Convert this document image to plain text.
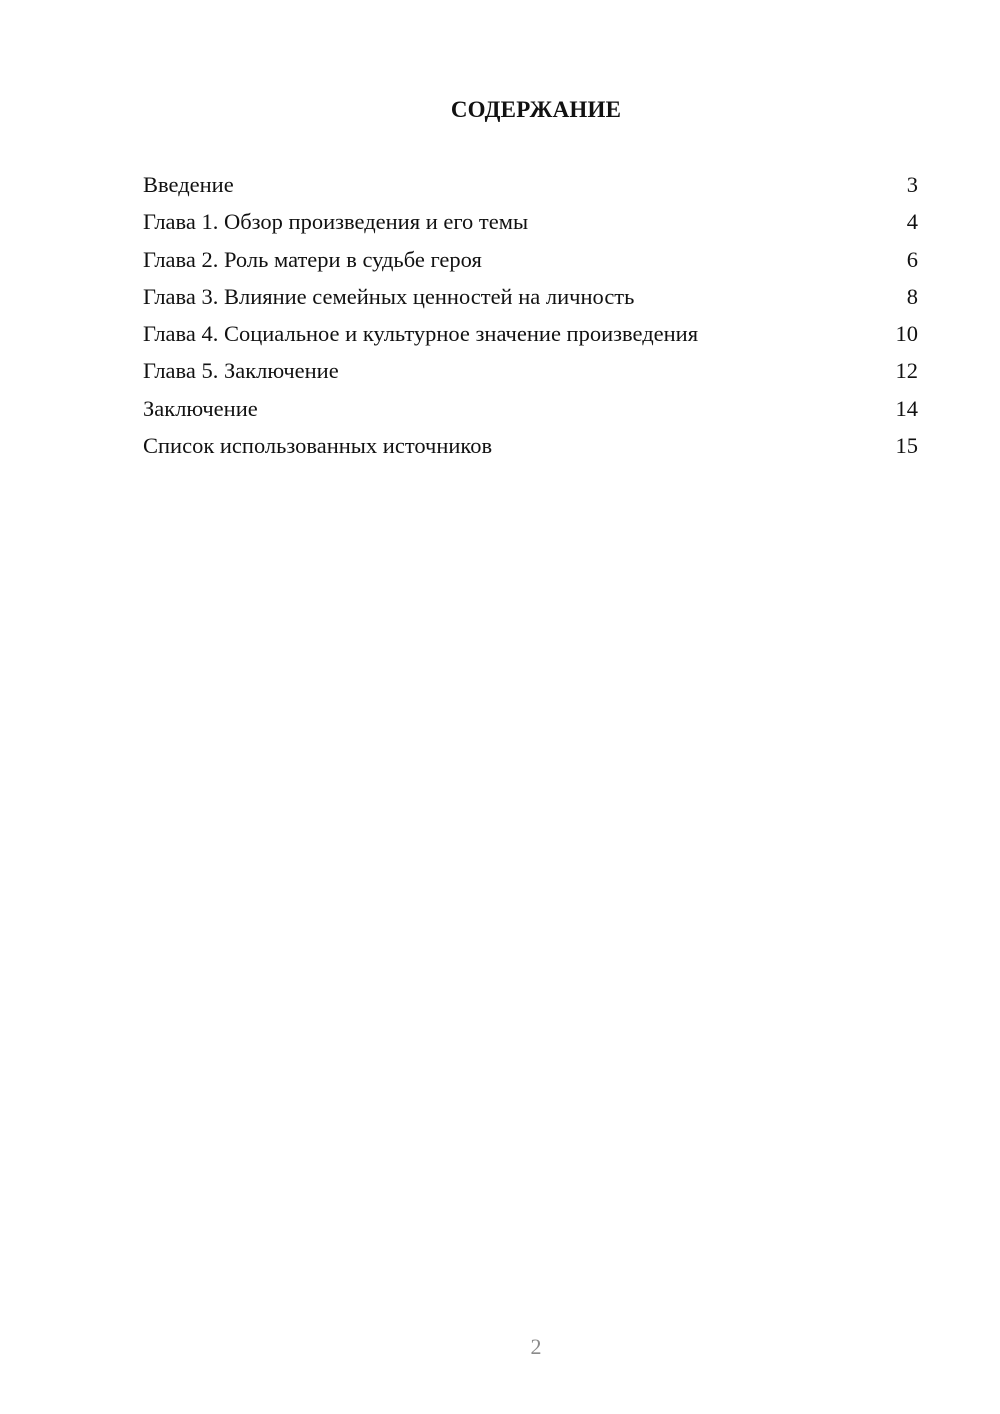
СОДЕРЖАНИЕ
Введение	3
Глава 1. Обзор произведения и его темы	4
Глава 2. Роль матери в судьбе героя	6
Глава 3. Влияние семейных ценностей на личность	8
Глава 4. Социальное и культурное значение произведения	10
Глава 5. Заключение	12
Заключение	14
Список использованных источников	15
2
